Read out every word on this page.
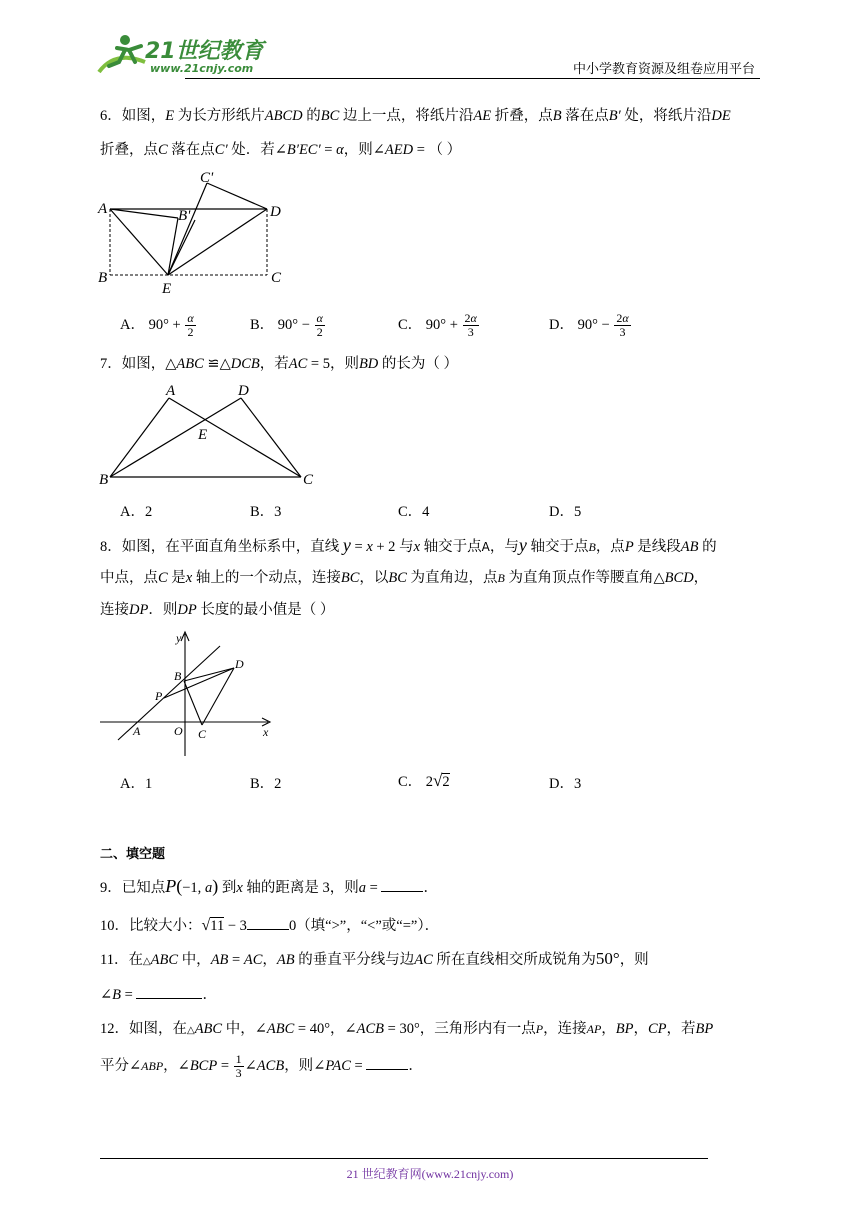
21世纪教育
www.21cnjy.com	中小学教育资源及组卷应用平台
6．如图，E 为长方形纸片ABCD 的BC 边上一点，将纸片沿AE 折叠，点B 落在点B′ 处，将纸片沿DE
折叠，点C 落在点C′ 处．若∠B′EC′ = α，则∠AED = （ ）
A	B'
C'
D
B
E
C
A． $90^\circ + \frac{\alpha}{2}$	B． $90^\circ - \frac{\alpha}{2}$	C． $90^\circ + \frac{2\alpha}{3}$	D． $90^\circ - \frac{2\alpha}{3}$
7．如图，△ABC ≌△DCB，若AC = 5，则BD 的长为（ ）
A	D
E
B	C
A．2	B．3	C．4	D．5
8．如图，在平面直角坐标系中，直线 y = x + 2 与x 轴交于点A，与y 轴交于点B，点P 是线段AB 的
中点，点C 是x 轴上的一个动点，连接BC，以BC 为直角边，点B 为直角顶点作等腰直角△BCD，
连接DP．则DP 长度的最小值是（ ）
y
D
B
P
A	O C	x
A．1	B．2	C． 2√2	D．3
二、填空题
9．已知点P(−1, a) 到x 轴的距离是 3，则a =	．
10．比较大小：√11 − 3	0（填“>”，“<”或“=”）．
11．在△ABC 中，AB = AC，AB 的垂直平分线与边AC 所在直线相交所成锐角为50°，则
∠B =	．
12．如图，在△ABC 中，∠ABC = 40°，∠ACB = 30°，三角形内有一点P，连接AP，BP，CP，若BP
平分∠ABP，∠BCP = $\frac{1}{3}$ ∠ACB，则∠PAC =	．
21 世纪教育网(www.21cnjy.com)
